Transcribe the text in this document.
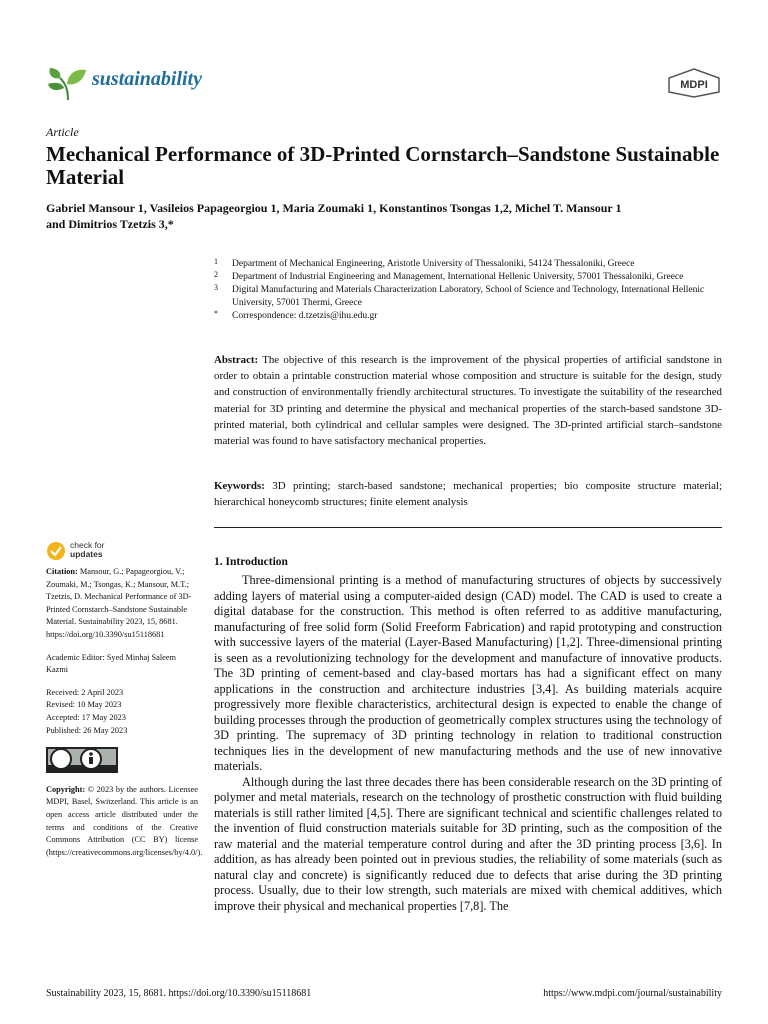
sustainability	MDPI
Article
Mechanical Performance of 3D-Printed Cornstarch–Sandstone Sustainable Material
Gabriel Mansour 1, Vasileios Papageorgiou 1, Maria Zoumaki 1, Konstantinos Tsongas 1,2, Michel T. Mansour 1
and Dimitrios Tzetzis 3,*
1 Department of Mechanical Engineering, Aristotle University of Thessaloniki, 54124 Thessaloniki, Greece
2 Department of Industrial Engineering and Management, International Hellenic University, 57001 Thessaloniki, Greece
3 Digital Manufacturing and Materials Characterization Laboratory, School of Science and Technology, International Hellenic University, 57001 Thermi, Greece
* Correspondence: d.tzetzis@ihu.edu.gr
Abstract: The objective of this research is the improvement of the physical properties of artificial sandstone in order to obtain a printable construction material whose composition and structure is suitable for the design, study and construction of environmentally friendly architectural structures. To investigate the suitability of the researched material for 3D printing and determine the physical and mechanical properties of the starch-based sandstone 3D-printed material, both cylindrical and cellular samples were designed. The 3D-printed artificial starch–sandstone material was found to have satisfactory mechanical properties.
Keywords: 3D printing; starch-based sandstone; mechanical properties; bio composite structure material; hierarchical honeycomb structures; finite element analysis
check for
updates
Citation: Mansour, G.; Papageorgiou, V.; Zoumaki, M.; Tsongas, K.; Mansour, M.T.; Tzetzis, D. Mechanical Performance of 3D-Printed Cornstarch–Sandstone Sustainable Material. Sustainability 2023, 15, 8681. https://doi.org/10.3390/su15118681
Academic Editor: Syed Minhaj Saleem Kazmi
Received: 2 April 2023
Revised: 10 May 2023
Accepted: 17 May 2023
Published: 26 May 2023
Copyright: © 2023 by the authors. Licensee MDPI, Basel, Switzerland. This article is an open access article distributed under the terms and conditions of the Creative Commons Attribution (CC BY) license (https://creativecommons.org/licenses/by/4.0/).
1. Introduction

Three-dimensional printing is a method of manufacturing structures of objects by successively adding layers of material using a computer-aided design (CAD) model. The CAD is used to create a digital database for the construction. This method is often referred to as additive manufacturing, manufacturing of free solid form (Solid Freeform Fabrication) and rapid prototyping and construction with successive layers of the material (Layer-Based Manufacturing) [1,2]. Three-dimensional printing is seen as a revolutionizing technology for the development and manufacture of innovative products. The 3D printing of cement-based and clay-based mortars has had a significant effect on many applications in the construction and architecture industries [3,4]. As building materials acquire progressively more flexible characteristics, architectural design is expected to enable the change of building processes through the production of geometrically complex structures using the technology of 3D printing. The supremacy of 3D printing technology in relation to traditional construction techniques lies in the development of new manufacturing methods and the use of new innovative materials.

Although during the last three decades there has been considerable research on the 3D printing of polymer and metal materials, research on the technology of prosthetic construction with fluid building materials is still rather limited [4,5]. There are significant technical and scientific challenges related to the invention of fluid construction materials suitable for 3D printing, such as the composition of the raw material and the material temperature control during and after the 3D printing process [3,6]. In addition, as has already been pointed out in previous studies, the reliability of some materials (such as natural clay and concrete) is significantly reduced due to defects that arise during the 3D printing process. Usually, due to their low strength, such materials are mixed with chemical additives, which improve their physical and mechanical properties [7,8]. The

Sustainability 2023, 15, 8681. https://doi.org/10.3390/su15118681	https://www.mdpi.com/journal/sustainability
